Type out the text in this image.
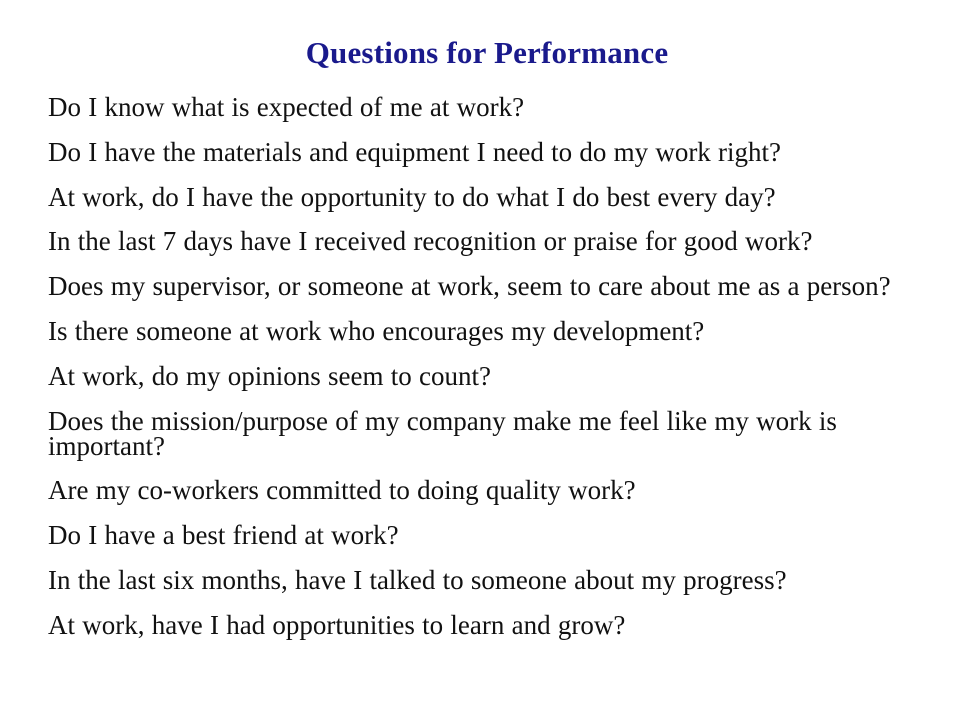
Questions for Performance
Do I know what is expected of me at work?
Do I have the materials and equipment I need to do my work right?
At work, do I have the opportunity to do what I do best every day?
In the last 7 days have I received recognition or praise for good work?
Does my supervisor, or someone at work, seem to care about me as a person?
Is there someone at work who encourages my development?
At work, do my opinions seem to count?
Does the mission/purpose of my company make me feel like my work is important?
Are my co-workers committed to doing quality work?
Do I have a best friend at work?
In the last six months, have I talked to someone about my progress?
At work, have I had opportunities to learn and grow?
